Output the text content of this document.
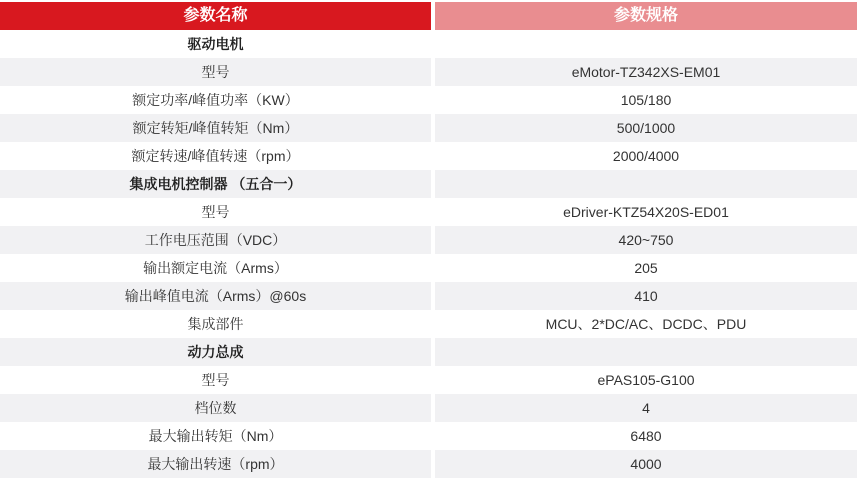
参数名称	参数规格
驱动电机
型号	eMotor-TZ342XS-EM01
额定功率/峰值功率（KW）	105/180
额定转矩/峰值转矩（Nm）	500/1000
额定转速/峰值转速（rpm）	2000/4000
集成电机控制器 （五合一）
型号	eDriver-KTZ54X20S-ED01
工作电压范围（VDC）	420~750
输出额定电流（Arms）	205
输出峰值电流（Arms）@60s	410
集成部件	MCU、2*DC/AC、DCDC、PDU
动力总成
型号	ePAS105-G100
档位数	4
最大输出转矩（Nm）	6480
最大输出转速（rpm）	4000
